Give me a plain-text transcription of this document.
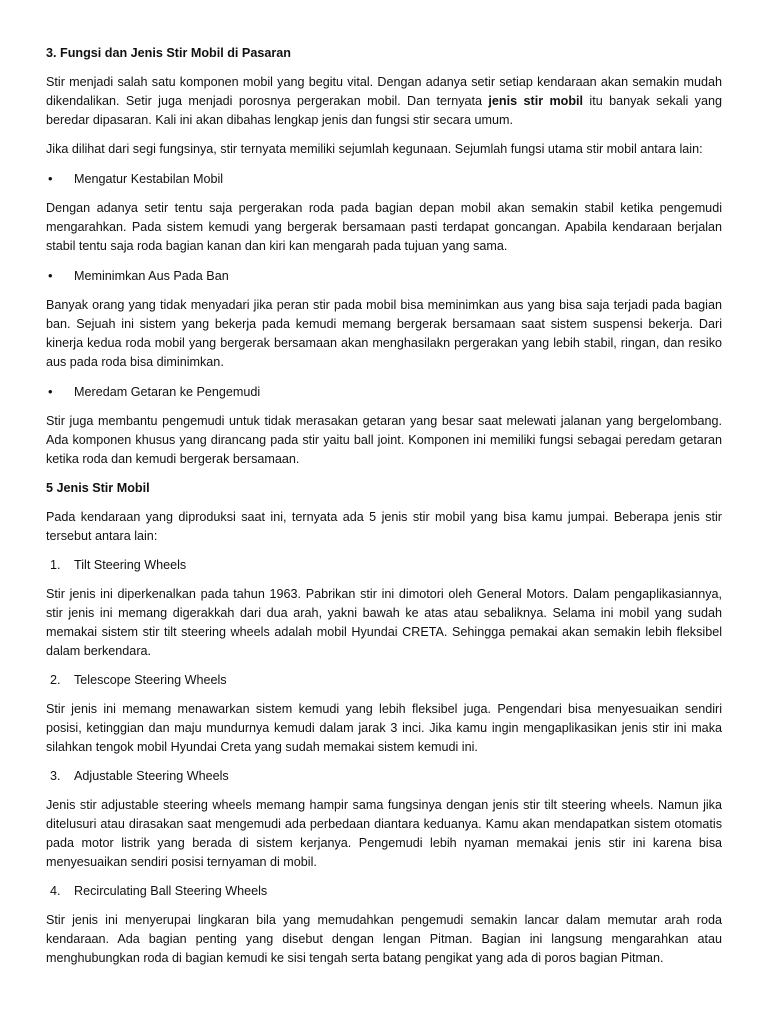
3. Fungsi dan Jenis Stir Mobil di Pasaran

Stir menjadi salah satu komponen mobil yang begitu vital. Dengan adanya setir setiap kendaraan akan semakin mudah dikendalikan. Setir juga menjadi porosnya pergerakan mobil. Dan ternyata jenis stir mobil itu banyak sekali yang beredar dipasaran. Kali ini akan dibahas lengkap jenis dan fungsi stir secara umum.

Jika dilihat dari segi fungsinya, stir ternyata memiliki sejumlah kegunaan. Sejumlah fungsi utama stir mobil antara lain:

•	Mengatur Kestabilan Mobil

Dengan adanya setir tentu saja pergerakan roda pada bagian depan mobil akan semakin stabil ketika pengemudi mengarahkan. Pada sistem kemudi yang bergerak bersamaan pasti terdapat goncangan. Apabila kendaraan berjalan stabil tentu saja roda bagian kanan dan kiri kan mengarah pada tujuan yang sama.

•	Meminimkan Aus Pada Ban

Banyak orang yang tidak menyadari jika peran stir pada mobil bisa meminimkan aus yang bisa saja terjadi pada bagian ban. Sejuah ini sistem yang bekerja pada kemudi memang bergerak bersamaan saat sistem suspensi bekerja. Dari kinerja kedua roda mobil yang bergerak bersamaan akan menghasilakn pergerakan yang lebih stabil, ringan, dan resiko aus pada roda bisa diminimkan.

•	Meredam Getaran ke Pengemudi

Stir juga membantu pengemudi untuk tidak merasakan getaran yang besar saat melewati jalanan yang bergelombang. Ada komponen khusus yang dirancang pada stir yaitu ball joint. Komponen ini memiliki fungsi sebagai peredam getaran ketika roda dan kemudi bergerak bersamaan.

5 Jenis Stir Mobil

Pada kendaraan yang diproduksi saat ini, ternyata ada 5 jenis stir mobil yang bisa kamu jumpai. Beberapa jenis stir tersebut antara lain:

1.	Tilt Steering Wheels

Stir jenis ini diperkenalkan pada tahun 1963. Pabrikan stir ini dimotori oleh General Motors. Dalam pengaplikasiannya, stir jenis ini memang digerakkah dari dua arah, yakni bawah ke atas atau sebaliknya. Selama ini mobil yang sudah memakai sistem stir tilt steering wheels adalah mobil Hyundai CRETA. Sehingga pemakai akan semakin lebih fleksibel dalam berkendara.

2.	Telescope Steering Wheels

Stir jenis ini memang menawarkan sistem kemudi yang lebih fleksibel juga. Pengendari bisa menyesuaikan sendiri posisi, ketinggian dan maju mundurnya kemudi dalam jarak 3 inci. Jika kamu ingin mengaplikasikan jenis stir ini maka silahkan tengok mobil Hyundai Creta yang sudah memakai sistem kemudi ini.

3.	Adjustable Steering Wheels

Jenis stir adjustable steering wheels memang hampir sama fungsinya dengan jenis stir tilt steering wheels. Namun jika ditelusuri atau dirasakan saat mengemudi ada perbedaan diantara keduanya. Kamu akan mendapatkan sistem otomatis pada motor listrik yang berada di sistem kerjanya. Pengemudi lebih nyaman memakai jenis stir ini karena bisa menyesuaikan sendiri posisi ternyaman di mobil.

4.	Recirculating Ball Steering Wheels

Stir jenis ini menyerupai lingkaran bila yang memudahkan pengemudi semakin lancar dalam memutar arah roda kendaraan. Ada bagian penting yang disebut dengan lengan Pitman. Bagian ini langsung mengarahkan atau menghubungkan roda di bagian kemudi ke sisi tengah serta batang pengikat yang ada di poros bagian Pitman.
